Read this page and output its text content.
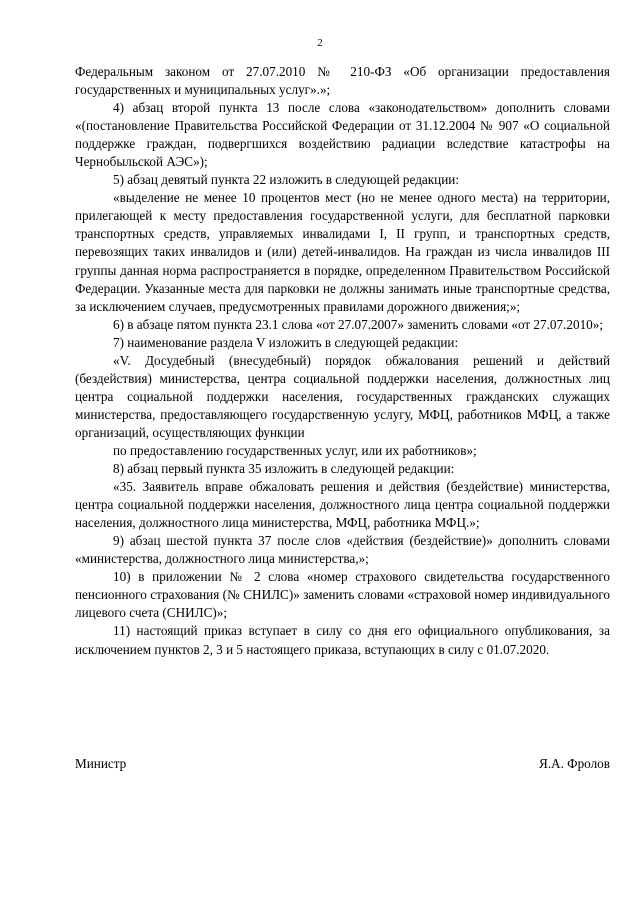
2

Федеральным законом от 27.07.2010 № 210-ФЗ «Об организации предоставления государственных и муниципальных услуг».»;

4) абзац второй пункта 13 после слова «законодательством» дополнить словами «(постановление Правительства Российской Федерации от 31.12.2004 № 907 «О социальной поддержке граждан, подвергшихся воздействию радиации вследствие катастрофы на Чернобыльской АЭС»);

5) абзац девятый пункта 22 изложить в следующей редакции:

«выделение не менее 10 процентов мест (но не менее одного места) на территории, прилегающей к месту предоставления государственной услуги, для бесплатной парковки транспортных средств, управляемых инвалидами I, II групп, и транспортных средств, перевозящих таких инвалидов и (или) детей-инвалидов. На граждан из числа инвалидов III группы данная норма распространяется в порядке, определенном Правительством Российской Федерации. Указанные места для парковки не должны занимать иные транспортные средства, за исключением случаев, предусмотренных правилами дорожного движения;»;

6) в абзаце пятом пункта 23.1 слова «от 27.07.2007» заменить словами «от 27.07.2010»;

7) наименование раздела V изложить в следующей редакции:

«V. Досудебный (внесудебный) порядок обжалования решений и действий (бездействия) министерства, центра социальной поддержки населения, должностных лиц центра социальной поддержки населения, государственных гражданских служащих министерства, предоставляющего государственную услугу, МФЦ, работников МФЦ, а также организаций, осуществляющих функции

по предоставлению государственных услуг, или их работников»;

8) абзац первый пункта 35 изложить в следующей редакции:

«35. Заявитель вправе обжаловать решения и действия (бездействие) министерства, центра социальной поддержки населения, должностного лица центра социальной поддержки населения, должностного лица министерства, МФЦ, работника МФЦ.»;

9) абзац шестой пункта 37 после слов «действия (бездействие)» дополнить словами «министерства, должностного лица министерства,»;

10) в приложении № 2 слова «номер страхового свидетельства государственного пенсионного страхования (№ СНИЛС)» заменить словами «страховой номер индивидуального лицевого счета (СНИЛС)»;

11) настоящий приказ вступает в силу со дня его официального опубликования, за исключением пунктов 2, 3 и 5 настоящего приказа, вступающих в силу с 01.07.2020.

Министр	Я.А. Фролов
